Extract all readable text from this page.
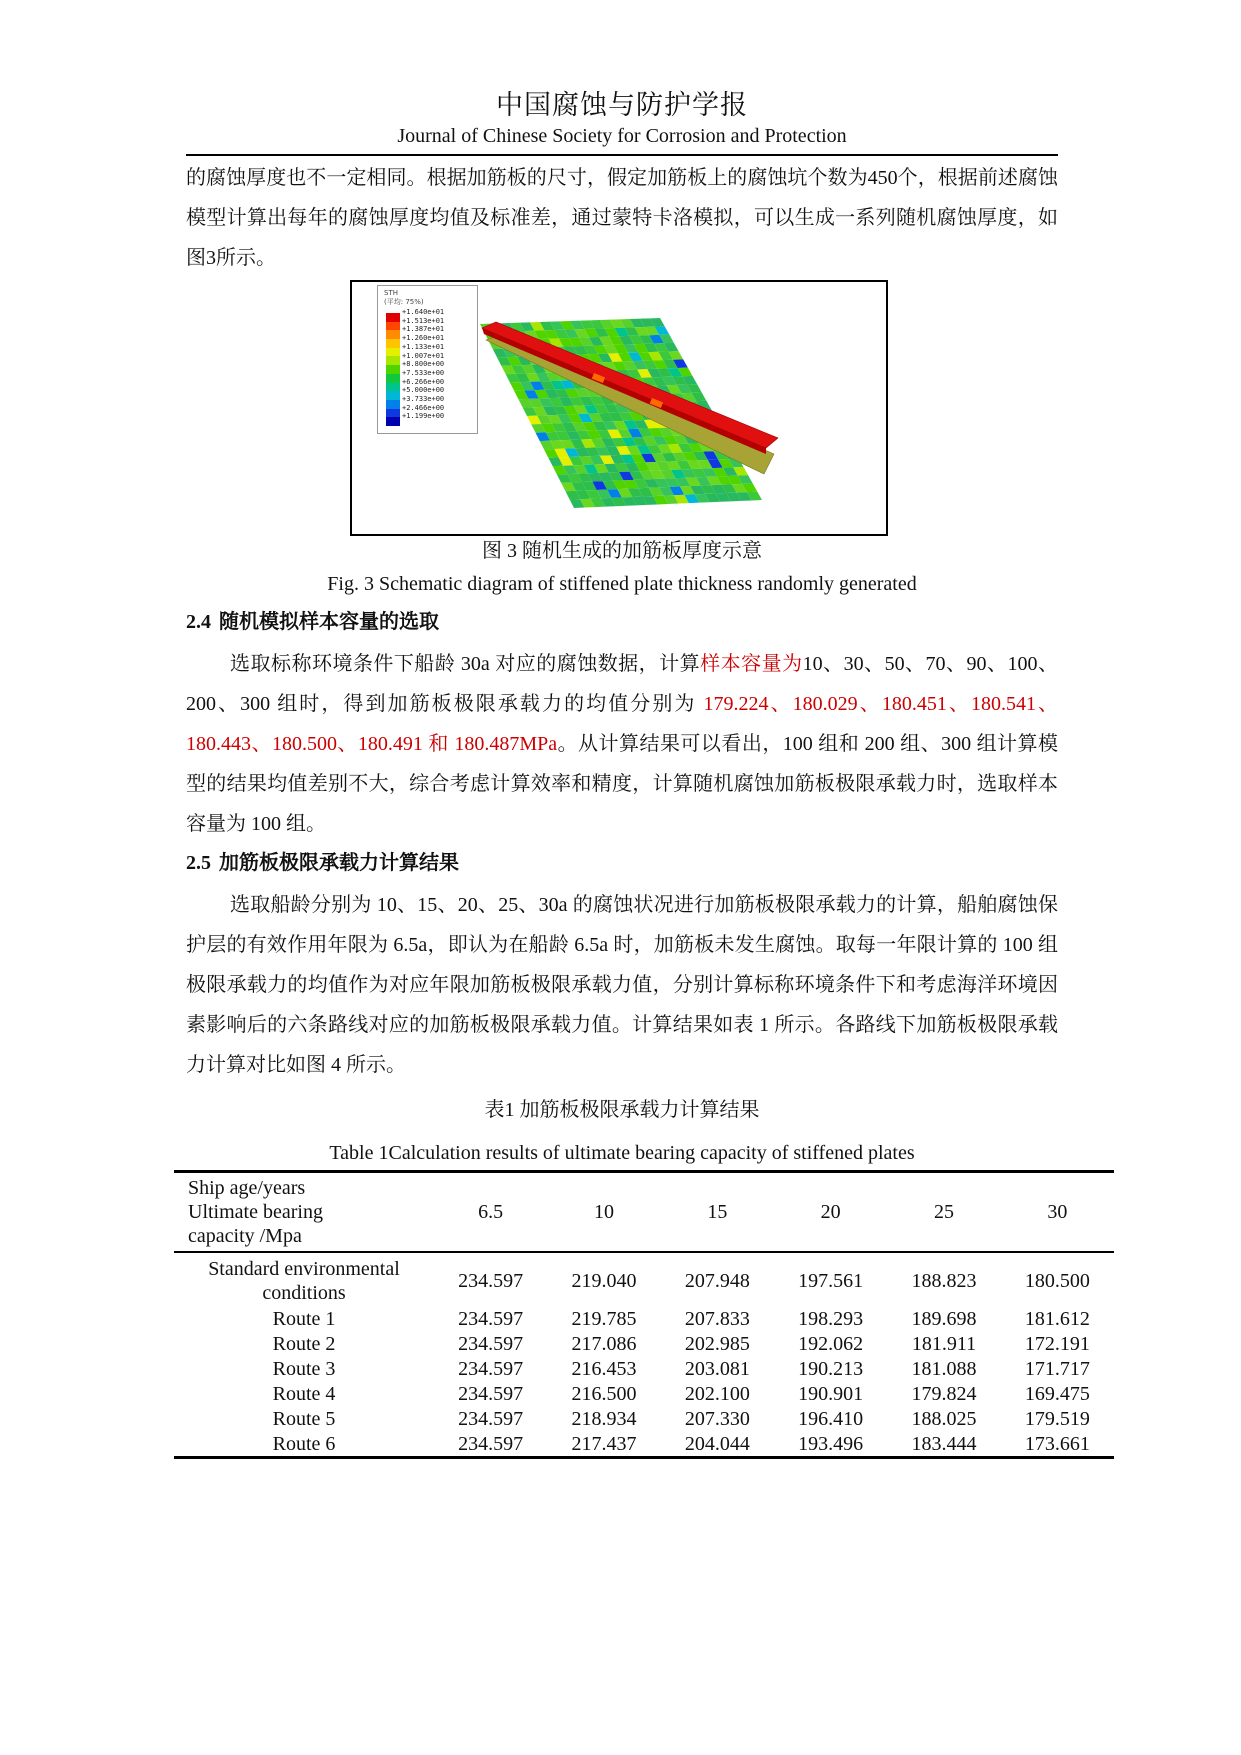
中国腐蚀与防护学报
Journal of Chinese Society for Corrosion and Protection

的腐蚀厚度也不一定相同。根据加筋板的尺寸，假定加筋板上的腐蚀坑个数为450个，根据前述腐蚀模型计算出每年的腐蚀厚度均值及标准差，通过蒙特卡洛模拟，可以生成一系列随机腐蚀厚度，如图3所示。

STH
(平均: 75%)
+1.640e+01
+1.513e+01
+1.387e+01
+1.260e+01
+1.133e+01
+1.007e+01
+8.800e+00
+7.533e+00
+6.266e+00
+5.000e+00
+3.733e+00
+2.466e+00
+1.199e+00
图 3 随机生成的加筋板厚度示意
Fig. 3 Schematic diagram of stiffened plate thickness randomly generated
2.4 随机模拟样本容量的选取

选取标称环境条件下船龄 30a 对应的腐蚀数据，计算样本容量为10、30、50、70、90、100、200、300 组时，得到加筋板极限承载力的均值分别为 179.224、180.029、180.451、180.541、180.443、180.500、180.491 和 180.487MPa。从计算结果可以看出，100 组和 200 组、300 组计算模型的结果均值差别不大，综合考虑计算效率和精度，计算随机腐蚀加筋板极限承载力时，选取样本容量为 100 组。

2.5 加筋板极限承载力计算结果

选取船龄分别为 10、15、20、25、30a 的腐蚀状况进行加筋板极限承载力的计算，船舶腐蚀保护层的有效作用年限为 6.5a，即认为在船龄 6.5a 时，加筋板未发生腐蚀。取每一年限计算的 100 组极限承载力的均值作为对应年限加筋板极限承载力值，分别计算标称环境条件下和考虑海洋环境因素影响后的六条路线对应的加筋板极限承载力值。计算结果如表 1 所示。各路线下加筋板极限承载力计算对比如图 4 所示。

表1 加筋板极限承载力计算结果
Table 1Calculation results of ultimate bearing capacity of stiffened plates
Ship age/years
Ultimate bearing
capacity /Mpa	6.5	10	15	20	25	30
Standard environmental conditions	234.597	219.040	207.948	197.561	188.823	180.500
Route 1	234.597	219.785	207.833	198.293	189.698	181.612
Route 2	234.597	217.086	202.985	192.062	181.911	172.191
Route 3	234.597	216.453	203.081	190.213	181.088	171.717
Route 4	234.597	216.500	202.100	190.901	179.824	169.475
Route 5	234.597	218.934	207.330	196.410	188.025	179.519
Route 6	234.597	217.437	204.044	193.496	183.444	173.661
